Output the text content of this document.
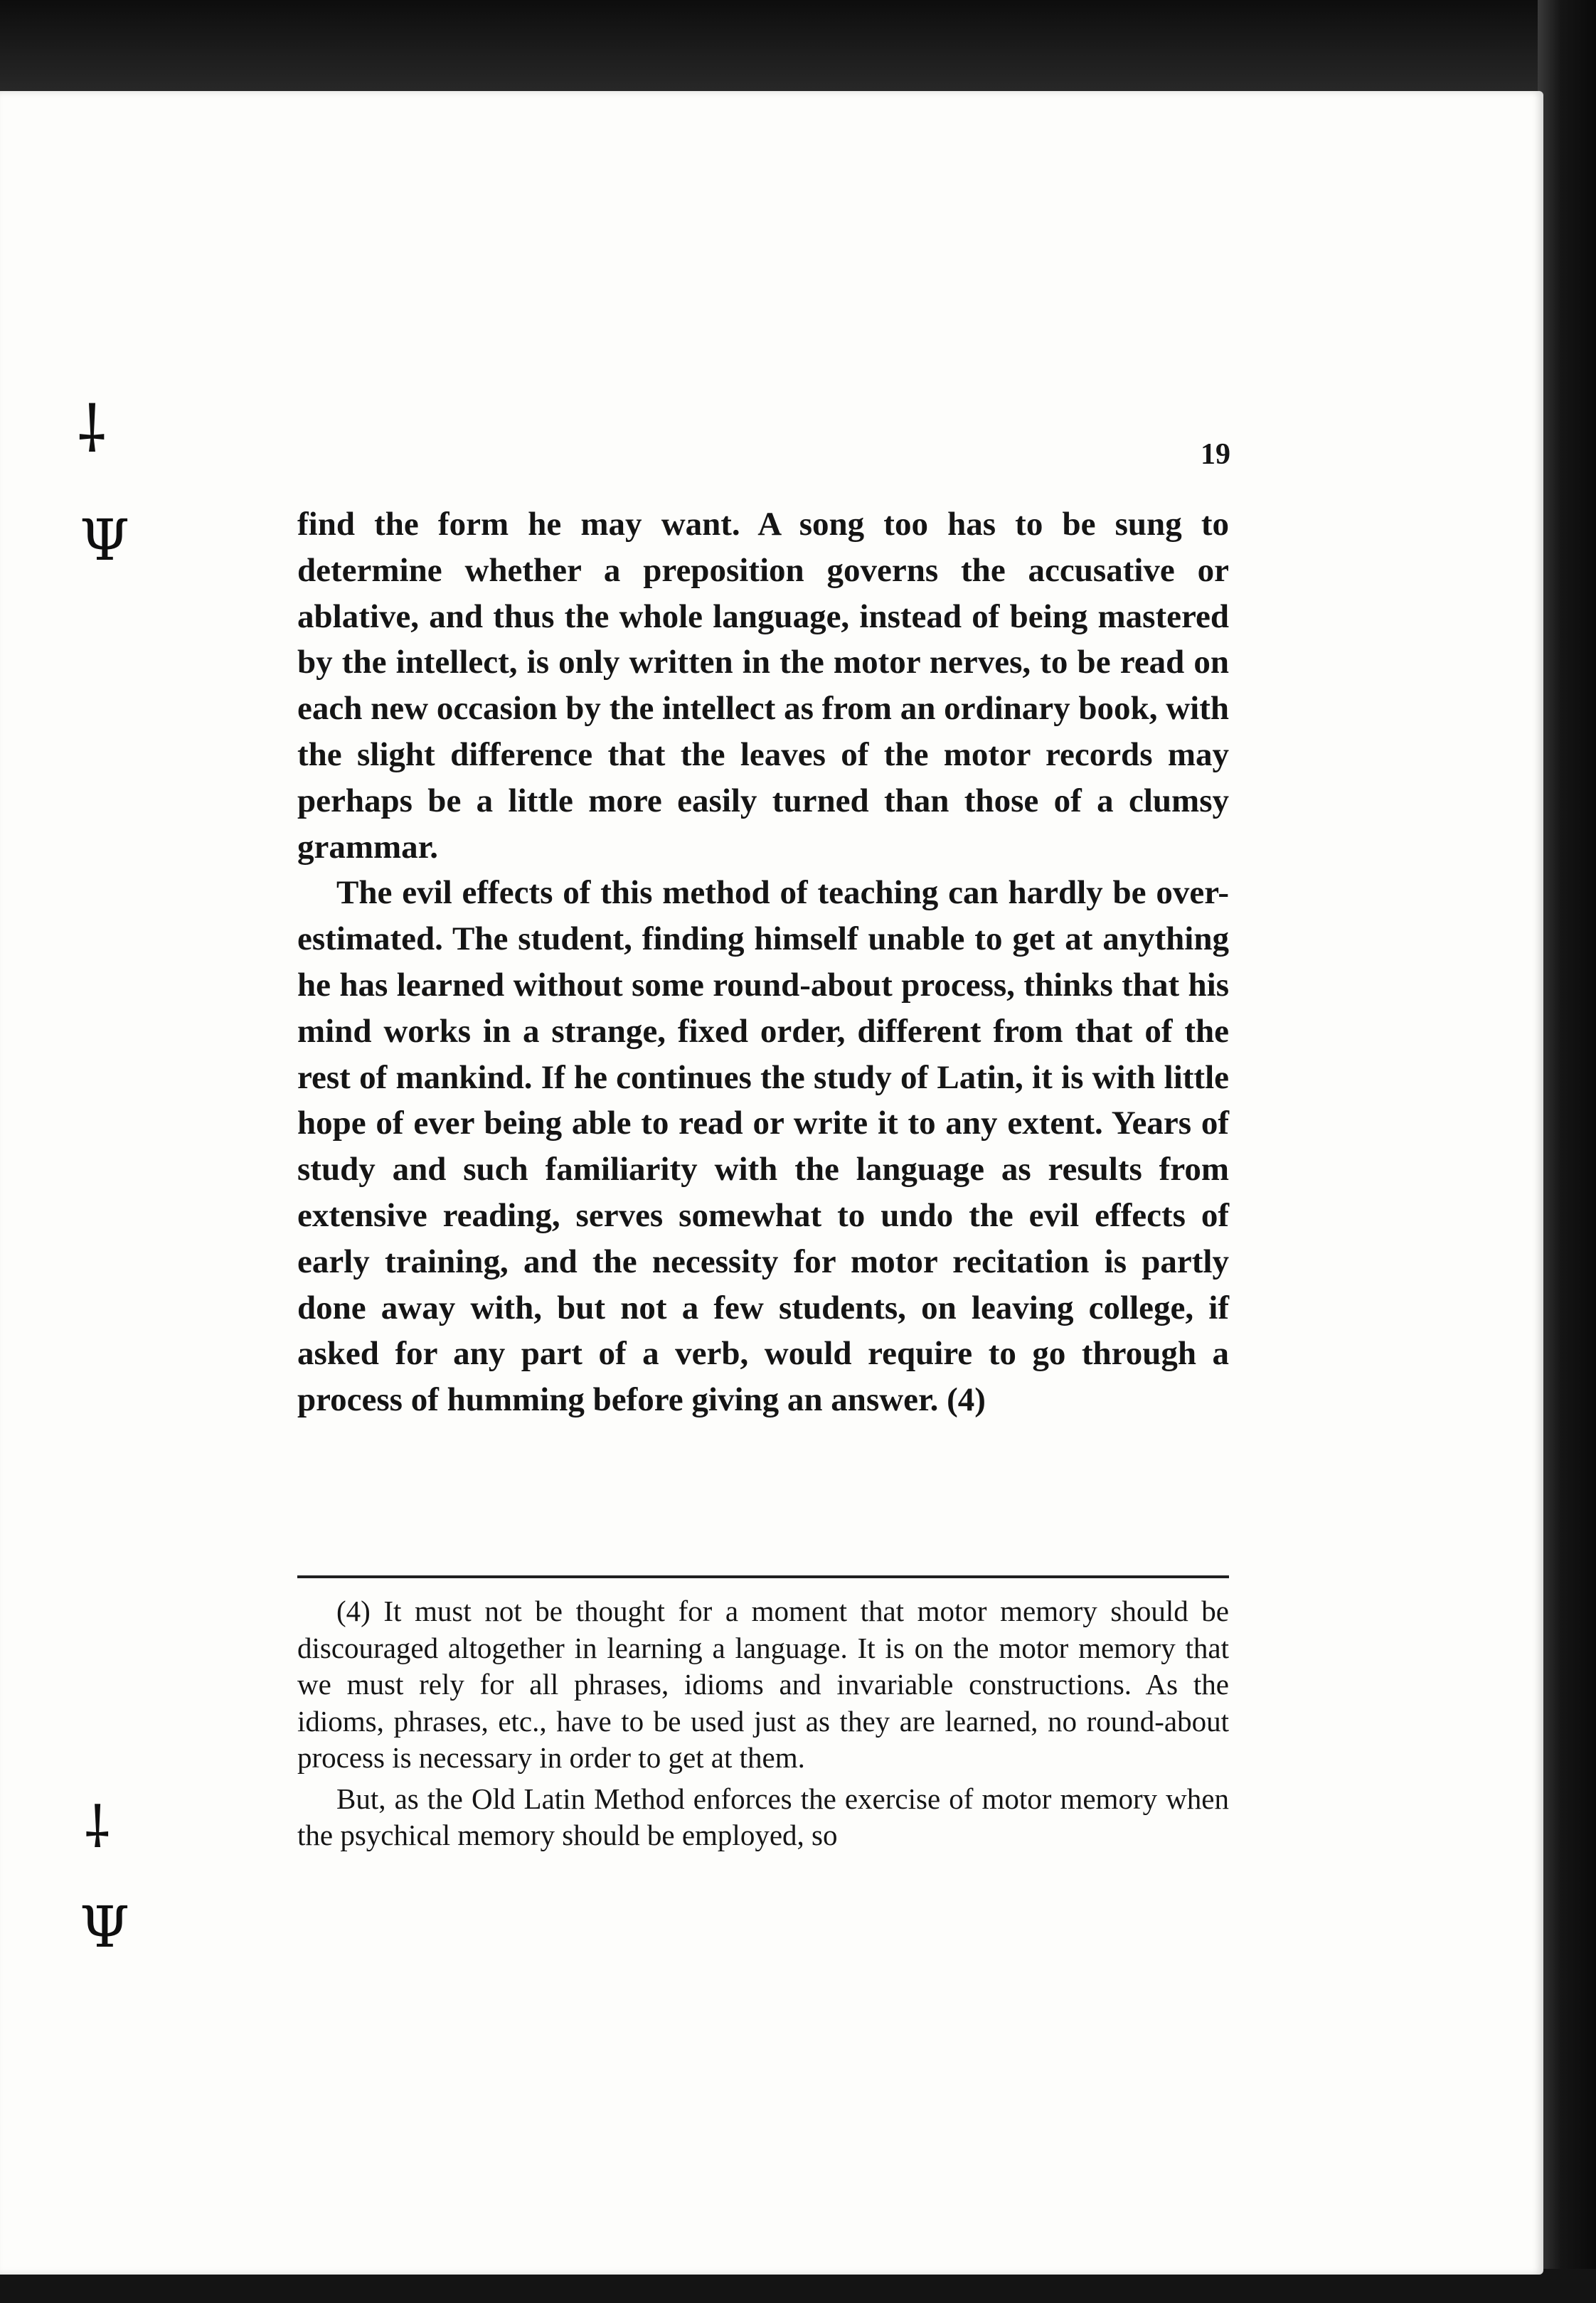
⸸
Ψ
⸸
Ψ
19

find the form he may want. A song too has to be sung to determine whether a preposition governs the accusative or ablative, and thus the whole language, instead of being mastered by the intellect, is only written in the motor nerves, to be read on each new occasion by the intellect as from an ordinary book, with the slight difference that the leaves of the motor records may perhaps be a little more easily turned than those of a clumsy grammar.

The evil effects of this method of teaching can hardly be over-estimated. The student, finding himself unable to get at anything he has learned without some round-about process, thinks that his mind works in a strange, fixed order, different from that of the rest of mankind. If he continues the study of Latin, it is with little hope of ever being able to read or write it to any extent. Years of study and such familiarity with the language as results from extensive reading, serves somewhat to undo the evil effects of early training, and the necessity for motor recitation is partly done away with, but not a few students, on leaving college, if asked for any part of a verb, would require to go through a process of humming before giving an answer. (4)

(4) It must not be thought for a moment that motor memory should be discouraged altogether in learning a language. It is on the motor memory that we must rely for all phrases, idioms and invariable constructions. As the idioms, phrases, etc., have to be used just as they are learned, no round-about process is necessary in order to get at them.

But, as the Old Latin Method enforces the exercise of motor memory when the psychical memory should be employed, so
